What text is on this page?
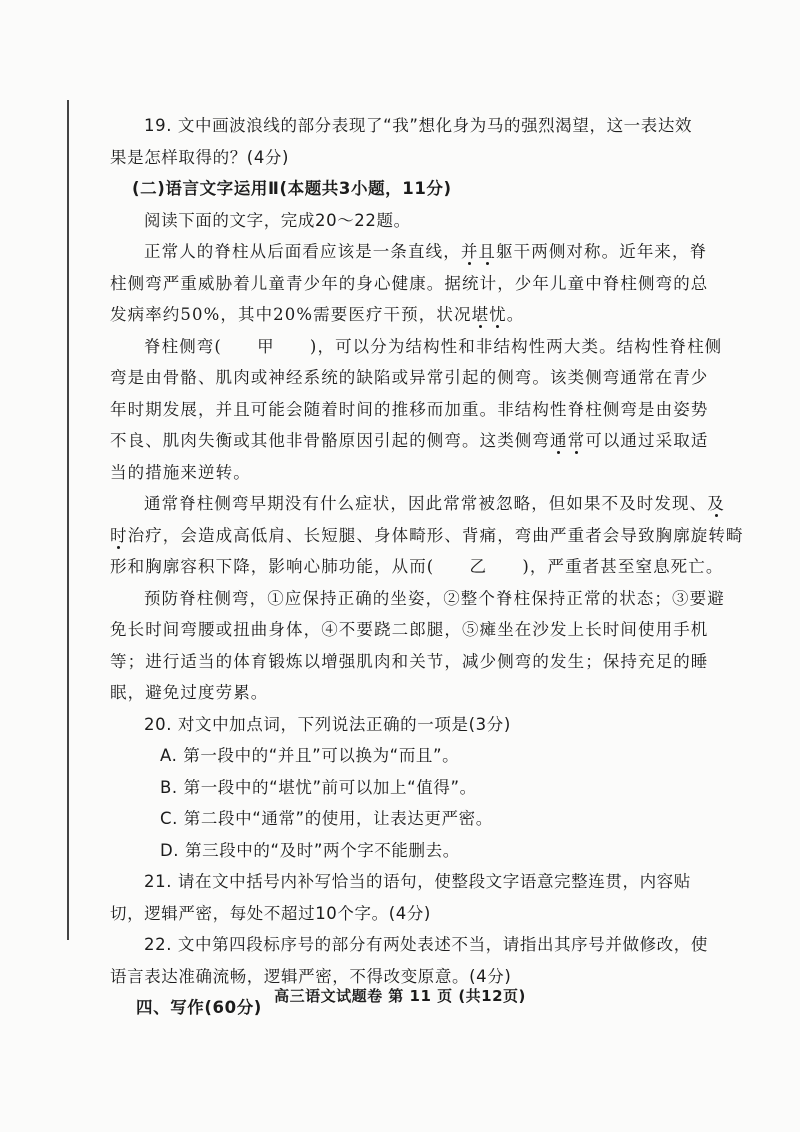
19. 文中画波浪线的部分表现了“我”想化身为马的强烈渴望，这一表达效
果是怎样取得的？(4分)
(二)语言文字运用Ⅱ(本题共3小题，11分)
阅读下面的文字，完成20～22题。
正常人的脊柱从后面看应该是一条直线，并且躯干两侧对称。近年来，脊
柱侧弯严重威胁着儿童青少年的身心健康。据统计，少年儿童中脊柱侧弯的总
发病率约50%，其中20%需要医疗干预，状况堪忧。
脊柱侧弯(　　甲　　)，可以分为结构性和非结构性两大类。结构性脊柱侧
弯是由骨骼、肌肉或神经系统的缺陷或异常引起的侧弯。该类侧弯通常在青少
年时期发展，并且可能会随着时间的推移而加重。非结构性脊柱侧弯是由姿势
不良、肌肉失衡或其他非骨骼原因引起的侧弯。这类侧弯通常可以通过采取适
当的措施来逆转。
通常脊柱侧弯早期没有什么症状，因此常常被忽略，但如果不及时发现、及
时治疗，会造成高低肩、长短腿、身体畸形、背痛，弯曲严重者会导致胸廓旋转畸
形和胸廓容积下降，影响心肺功能，从而(　　乙　　)，严重者甚至窒息死亡。
预防脊柱侧弯，①应保持正确的坐姿，②整个脊柱保持正常的状态；③要避
免长时间弯腰或扭曲身体，④不要跷二郎腿，⑤瘫坐在沙发上长时间使用手机
等；进行适当的体育锻炼以增强肌肉和关节，减少侧弯的发生；保持充足的睡
眠，避免过度劳累。
20. 对文中加点词，下列说法正确的一项是(3分)
A. 第一段中的“并且”可以换为“而且”。
B. 第一段中的“堪忧”前可以加上“值得”。
C. 第二段中“通常”的使用，让表达更严密。
D. 第三段中的“及时”两个字不能删去。
21. 请在文中括号内补写恰当的语句，使整段文字语意完整连贯，内容贴
切，逻辑严密，每处不超过10个字。(4分)
22. 文中第四段标序号的部分有两处表述不当，请指出其序号并做修改，使
语言表达准确流畅，逻辑严密，不得改变原意。(4分)
四、写作(60分)
高三语文试题卷 第 11 页 (共12页)
